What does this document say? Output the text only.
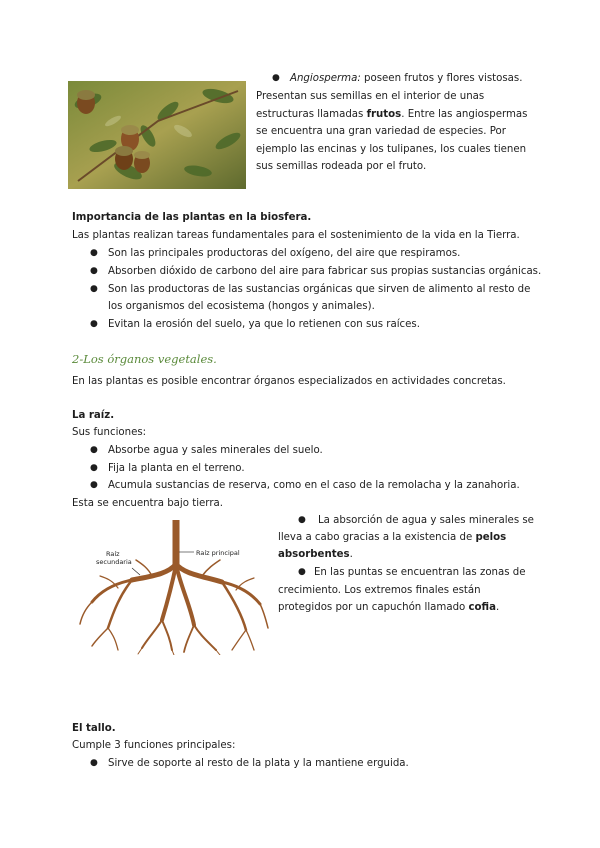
● Angiosperma: poseen frutos y flores vistosas.
Presentan sus semillas en el interior de unas
estructuras llamadas frutos. Entre las angiospermas
se encuentra una gran variedad de especies. Por
ejemplo las encinas y los tulipanes, los cuales tienen
sus semillas rodeada por el fruto.
Importancia de las plantas en la biosfera.
Las plantas realizan tareas fundamentales para el sostenimiento de la vida en la Tierra.
● Son las principales productoras del oxígeno, del aire que respiramos.
● Absorben dióxido de carbono del aire para fabricar sus propias sustancias orgánicas.
● Son las productoras de las sustancias orgánicas que sirven de alimento al resto de
los organismos del ecosistema (hongos y animales).
● Evitan la erosión del suelo, ya que lo retienen con sus raíces.
2-Los órganos vegetales.
En las plantas es posible encontrar órganos especializados en actividades concretas.
La raíz.
Sus funciones:
● Absorbe agua y sales minerales del suelo.
● Fija la planta en el terreno.
● Acumula sustancias de reserva, como en el caso de la remolacha y la zanahoria.
Esta se encuentra bajo tierra.
Raíz principal
Raíz
secundaria
● La absorción de agua y sales minerales se
lleva a cabo gracias a la existencia de pelos
absorbentes.
● En las puntas se encuentran las zonas de
crecimiento. Los extremos finales están
protegidos por un capuchón llamado cofia.
El tallo.
Cumple 3 funciones principales:
● Sirve de soporte al resto de la plata y la mantiene erguida.
